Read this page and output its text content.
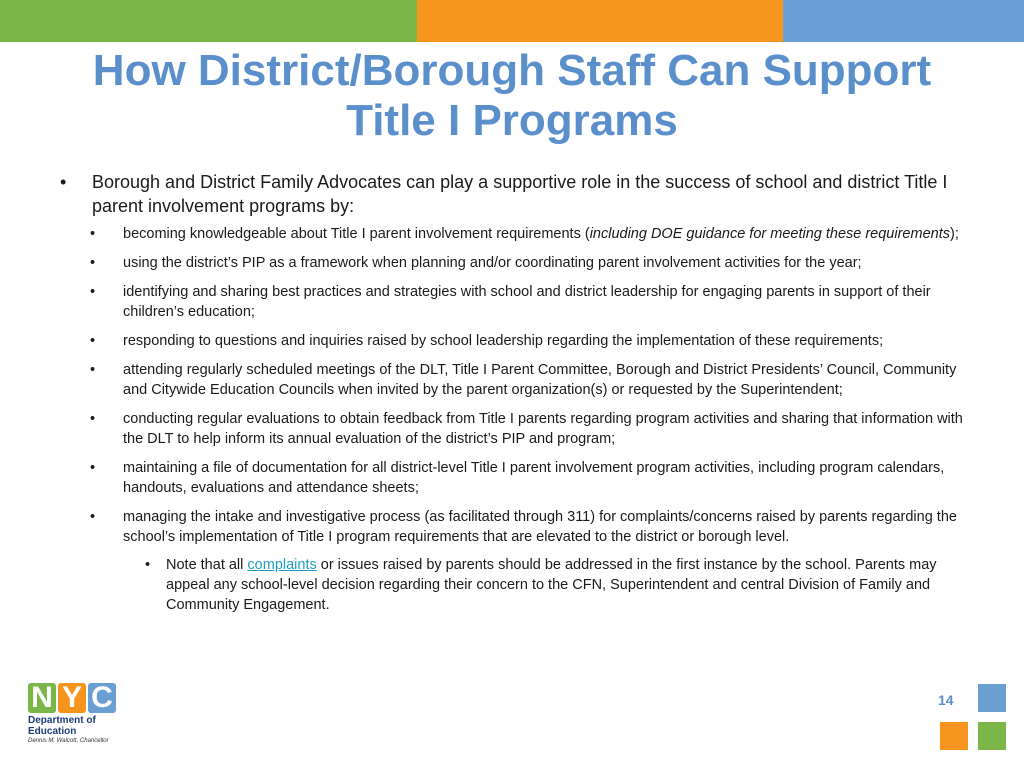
How District/Borough Staff Can Support
Title I Programs
• Borough and District Family Advocates can play a supportive role in the success of school and district Title I parent involvement programs by:
• becoming knowledgeable about Title I parent involvement requirements (including DOE guidance for meeting these requirements);
• using the district’s PIP as a framework when planning and/or coordinating parent involvement activities for the year;
• identifying and sharing best practices and strategies with school and district leadership for engaging parents in support of their children’s education;
• responding to questions and inquiries raised by school leadership regarding the implementation of these requirements;
• attending regularly scheduled meetings of the DLT, Title I Parent Committee, Borough and District Presidents’ Council, Community and Citywide Education Councils when invited by the parent organization(s) or requested by the Superintendent;
• conducting regular evaluations to obtain feedback from Title I parents regarding program activities and sharing that information with the DLT to help inform its annual evaluation of the district’s PIP and program;
• maintaining a file of documentation for all district-level Title I parent involvement program activities, including program calendars, handouts, evaluations and attendance sheets;
• managing the intake and investigative process (as facilitated through 311) for complaints/concerns raised by parents regarding the school’s implementation of Title I program requirements that are elevated to the district or borough level.
• Note that all complaints or issues raised by parents should be addressed in the first instance by the school. Parents may appeal any school-level decision regarding their concern to the CFN, Superintendent and central Division of Family and Community Engagement.
N Y C
Department of
Education
Dennis M. Walcott, Chancellor
14
